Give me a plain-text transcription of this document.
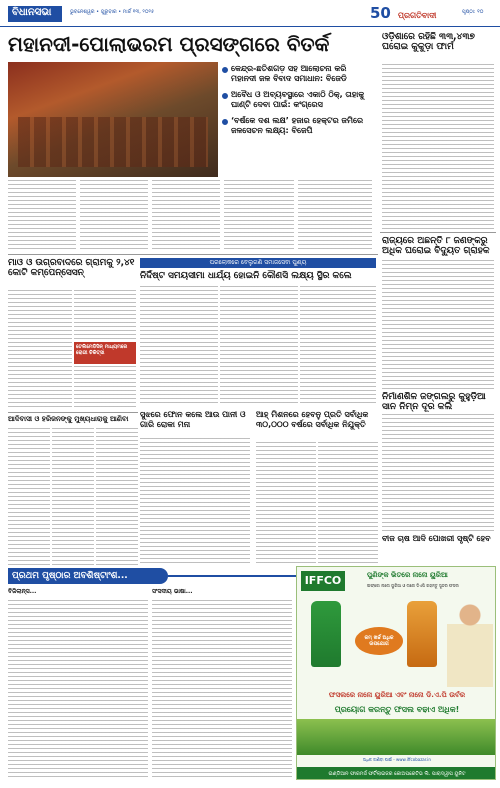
ବିଧାନସଭା	ଭୁବନେଶ୍ୱର • ଗୁରୁବାର • ମାର୍ଚ୍ଚ ୧୩, ୨୦୨୫	50 ପ୍ରଗତିବାଦୀ	ପୃଷ୍ଠା: ୧୦
ମହାନଦୀ-ପୋଲାଭରମ ପ୍ରସଙ୍ଗରେ ବିତର୍କ
କେନ୍ଦ୍ର-ଛତିଶଗଡ଼ ସହ ଆଲୋଚନା କରି ମହାନଦୀ ଜଳ ବିବାଦ ସମାଧାନ: ବିଜେଡି
ଅବୈଧ ଓ ଅବ୍ୟବସ୍ଥାରେ ଏକାଠି ଠିକ୍, ତାହାକୁ ଘାଣ୍ଟି ଦେବା ପାଇଁ: କଂଗ୍ରେସ
‘ବର୍ଷକେ ଦଶ ଲକ୍ଷ’ ହଜାର ହେକ୍ଟର ଜମିରେ ଜଳସେଚନ ଲକ୍ଷ୍ୟ: ବିଜେପି
ଓଡ଼ିଶାରେ ରହିଛି ୩୩,୪୩୭ ଘରୋଇ କୁକୁଡ଼ା ଫାର୍ମ
ରାଜ୍ୟରେ ଅଛନ୍ତି ୮ ଜଣଙ୍କରୁ ଅଧିକ ଘରୋଇ ବିଦ୍ୟୁତ ଗ୍ରାହକ
ନିର୍ମାଣଶିଳ ଜଙ୍ଗଲରୁ କୁହୁଡ଼ିଆ ସାନ ନିମ୍ନ ଦୂର କଲି
ବୀଜ ଚାଷ ଆଦି ପୋଖରୀ ସୃଷ୍ଟି ହେବ
ମାଓ ଓ ଉଗ୍ରବାଦରେ ଗ୍ରାମକୁ ୨,୪୧ କୋଟି କମ୍ପେନ୍ସେସନ୍
ଟେଲିମେଡିସିନ୍ ମାଧ୍ୟମରେ ରୋଗୀ ଚିକିତ୍ସା
ପରଲୋକରେ ବେଲୁଗଣି ସମାଜସେବା ପୁଣ୍ୟ
ନିର୍ଦ୍ଦିଷ୍ଟ ସମୟସୀମା ଧାର୍ଯ୍ୟ ହୋଇନି କୌଣସି ଲକ୍ଷ୍ୟ ସ୍ଥିର କଲେ
ଆଦିବାସୀ ଓ ହରିଜନଙ୍କୁ ମୁଖ୍ୟଧାରାକୁ ଆଣିବା	ସୁଝରେ ଫୋନ କଲେ ଆଉ ପାନୀ ଓ ଗାରି ରୋକା ମନା
ଆହ୍ ମିଶନରେ ହେବନୁ ପ୍ରତି ସର୍ବାଧିକ ୩୦,୦୦୦ ବର୍ଷରେ ସର୍ବାଧିକ ନିଯୁକ୍ତି
ପ୍ରଥମ ପୃଷ୍ଠାର ଅବଶିଷ୍ଟାଂଶ...
ବିଜିଲାନ୍ସ...	ସଂସଦୀୟ ଭାଷା...
IFFCO	ପୁଣିଙ୍କ ଭିତରେ ନାନୋ ୟୁରିଆ
ଇଫ୍‌କୋ ନାନୋ ୟୁରିଆ ଓ ନାନୋ ଡିଏପି ଗଢନ୍ତୁ ସୁନ୍ଦର ଫସଲ
କମ୍ ଖର୍ଚ୍ଚ ଅଧିକ ଉପଯୋଗ
ଫସଲରେ ନାନୋ ୟୁରିଆ ଏବଂ ନାନୋ ଡି.ଏ.ପି ଉର୍ବର
ପ୍ରୟୋଗ କରନ୍ତୁ ଫସଲ ବଢାଏ ଅଧିକ!
ଅଧିକ ଜାଣିବା ପାଇଁ - www.iffcobazar.in
ଇଣ୍ଡିଆନ ଫାରମର୍ସ ଫର୍ଟିଲାଇଜର କୋଅପରେଟିଭ ଲି. ପାରାଦ୍ୱୀପ ୟୁନିଟ
